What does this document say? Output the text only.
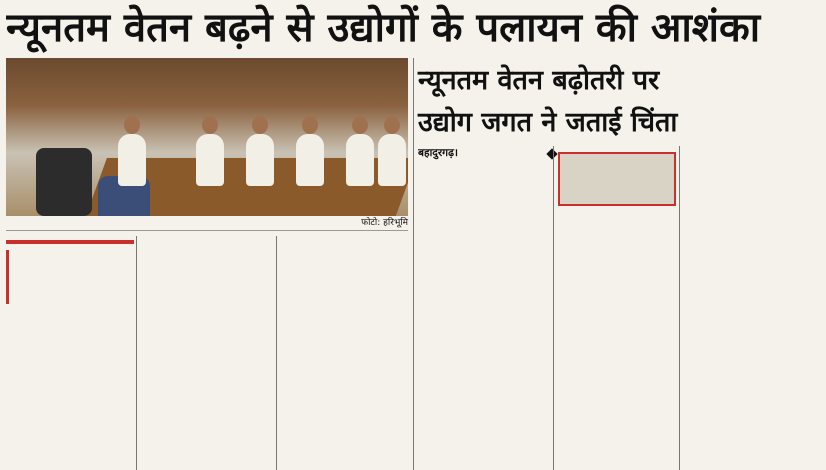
न्यूनतम वेतन बढ़ने से उद्योगों के पलायन की आशंका
फोटो: हरिभूमि
न्यूनतम वेतन बढ़ोतरी पर
उद्योग जगत ने जताई चिंता
बहादुरगढ़।
